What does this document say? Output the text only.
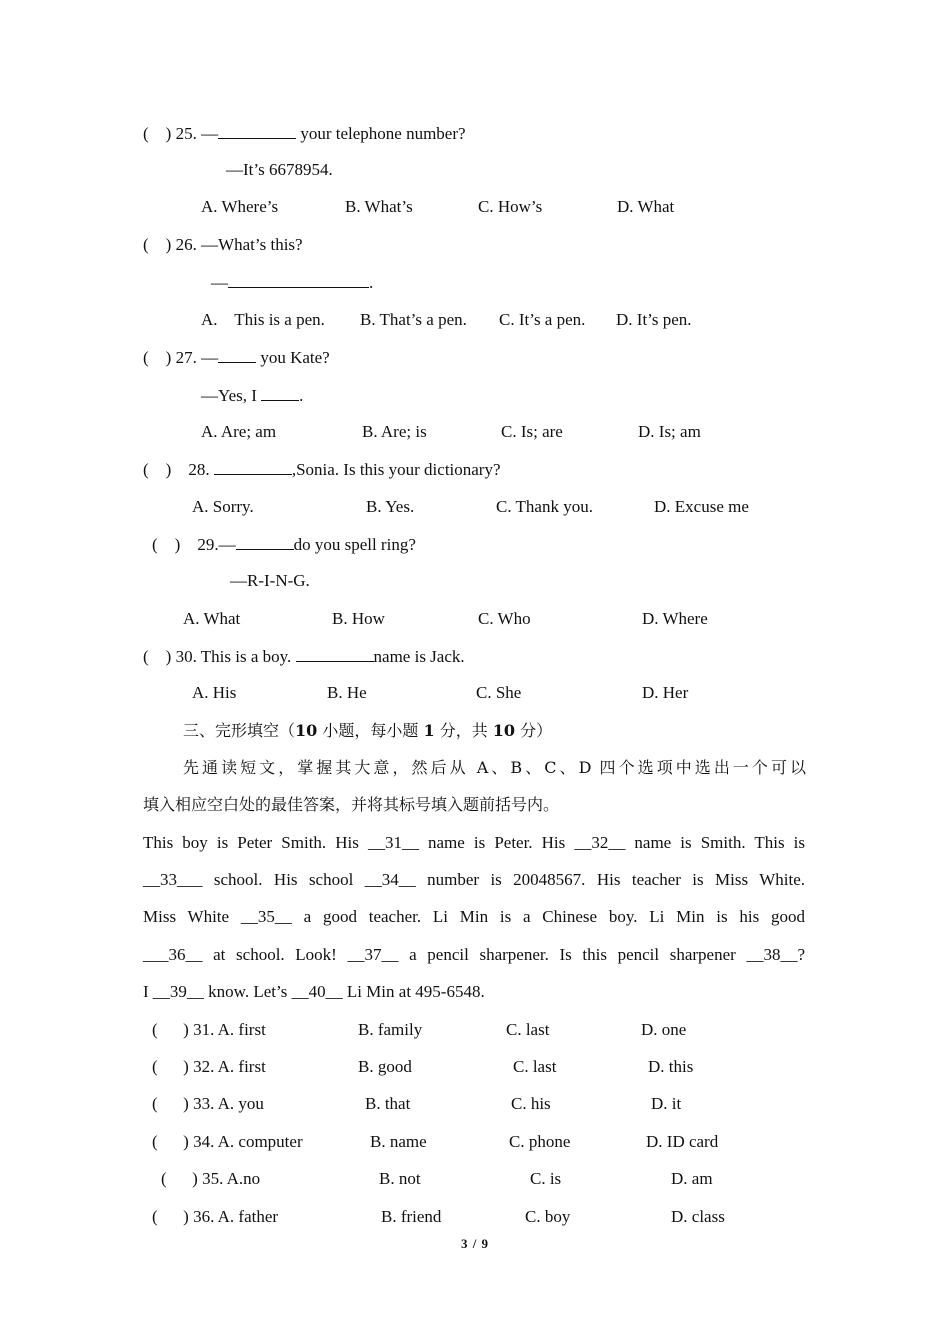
(    ) 25. —	your telephone number?
—It’s 6678954.
A. Where’s	B. What’s	C. How’s	D. What
(    ) 26. —What’s this?
—	.
A.    This is a pen. B. That’s a pen. C. It’s a pen. D. It’s pen.
(    ) 27. — you Kate?
—Yes, I .
A. Are; am	B. Are; is	C. Is; are	D. Is; am
(    ) 28.	,Sonia. Is this your dictionary?
A. Sorry.	B. Yes.	C. Thank you.	D. Excuse me
(    ) 29.—	do you spell ring?
—R-I-N-G.
A. What	B. How	C. Who	D. Where
(    ) 30. This is a boy.	name is Jack.
A. His	B. He	C. She	D. Her
三、完形填空（10 小题，每小题 1 分，共 10 分）
先通读短文，掌握其大意，然后从 A、B、C、D 四个选项中选出一个可以
填入相应空白处的最佳答案，并将其标号填入题前括号内。
This boy is Peter Smith. His __31__ name is Peter. His __32__ name is Smith. This is
__33___ school. His school __34__ number is 20048567. His teacher is Miss White.
Miss White __35__ a good teacher. Li Min is a Chinese boy. Li Min is his good
___36__ at school. Look! __37__ a pencil sharpener. Is this pencil sharpener __38__?
I __39__ know. Let’s __40__ Li Min at 495-6548.
(      ) 31. A. first	B. family	C. last	D. one
(      ) 32. A. first	B. good	C. last	D. this
(      ) 33. A. you	B. that	C. his	D. it
(      ) 34. A. computer	B. name	C. phone	D. ID card
(      ) 35. A.no	B. not	C. is	D. am
(      ) 36. A. father	B. friend	C. boy	D. class
3 / 9
